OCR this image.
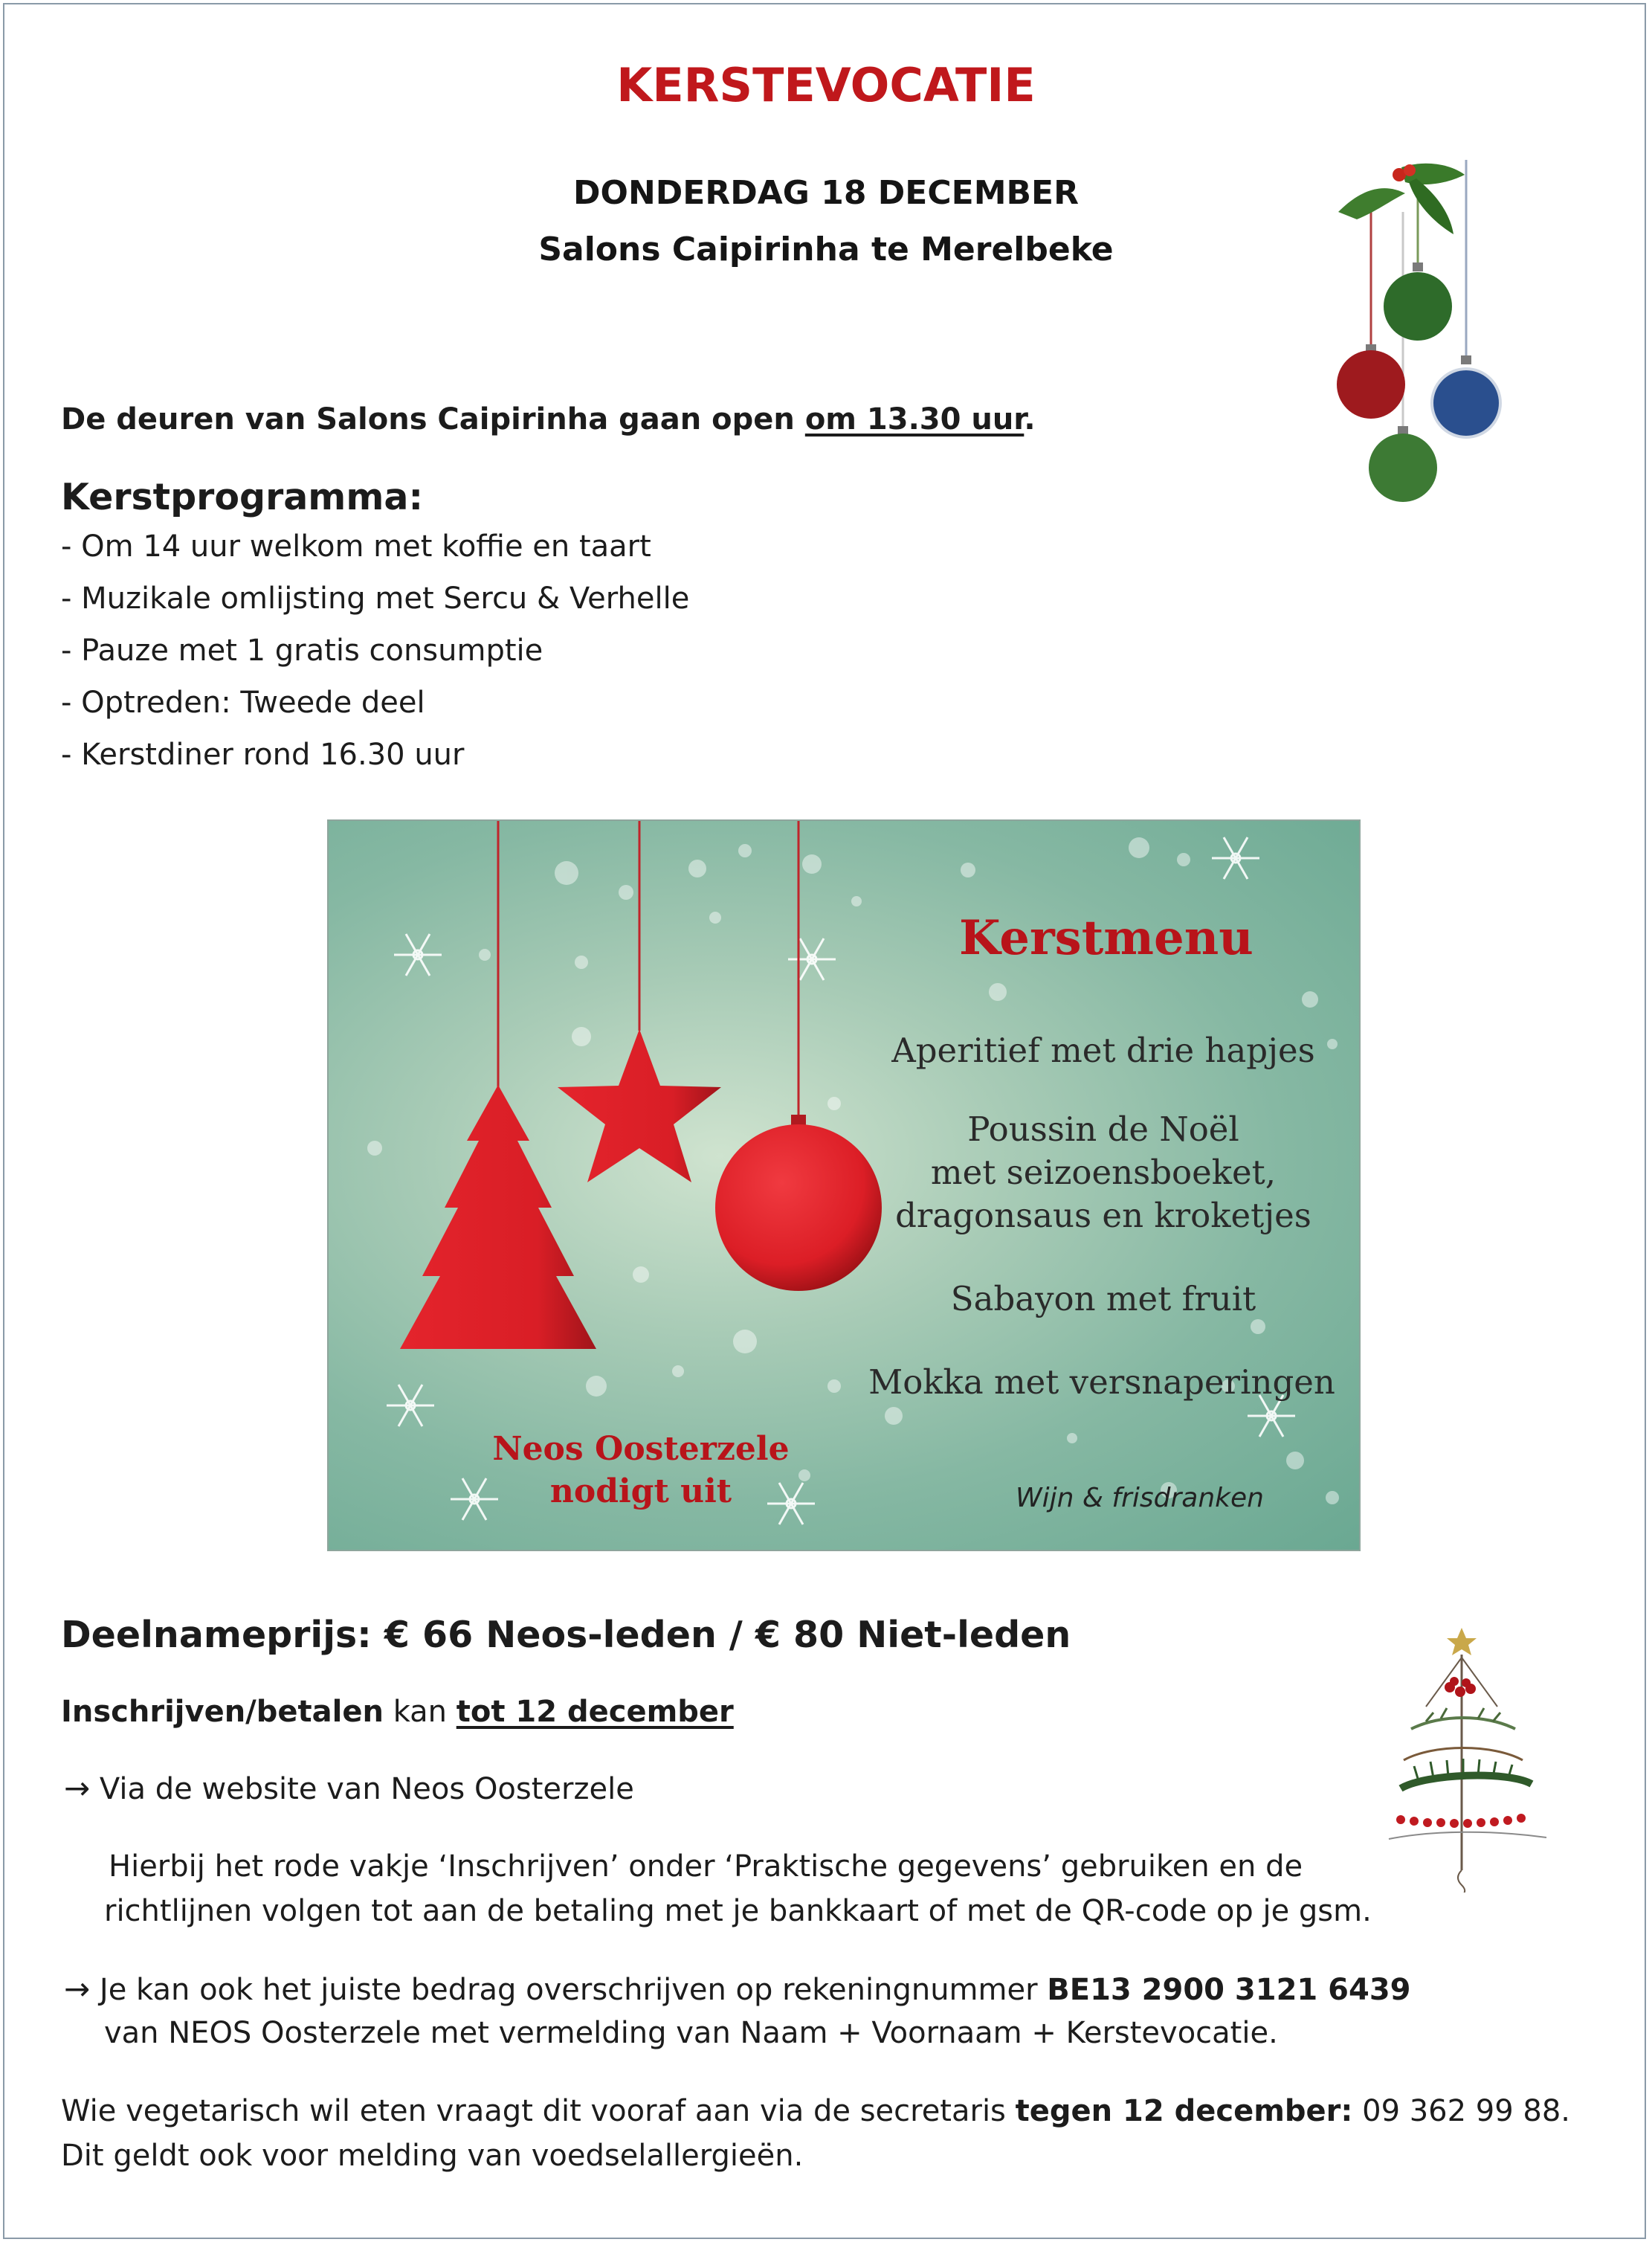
KERSTEVOCATIE
DONDERDAG 18 DECEMBER
Salons Caipirinha te Merelbeke
De deuren van Salons Caipirinha gaan open om 13.30 uur.
Kerstprogramma:
- Om 14 uur welkom met koffie en taart
- Muzikale omlijsting met Sercu & Verhelle
- Pauze met 1 gratis consumptie
- Optreden: Tweede deel
- Kerstdiner rond 16.30 uur
Kerstmenu
Aperitief met drie hapjes
Poussin de Noël
met seizoensboeket,
dragonsaus en kroketjes
Sabayon met fruit
Mokka met versnaperingen
Neos Oosterzele
nodigt uit	Wijn & frisdranken
Deelnameprijs: € 66 Neos-leden / € 80 Niet-leden
Inschrijven/betalen kan tot 12 december
→ Via de website van Neos Oosterzele
Hierbij het rode vakje ‘Inschrijven’ onder ‘Praktische gegevens’ gebruiken en de
richtlijnen volgen tot aan de betaling met je bankkaart of met de QR-code op je gsm.
→ Je kan ook het juiste bedrag overschrijven op rekeningnummer BE13 2900 3121 6439
van NEOS Oosterzele met vermelding van Naam + Voornaam + Kerstevocatie.
Wie vegetarisch wil eten vraagt dit vooraf aan via de secretaris tegen 12 december: 09 362 99 88.
Dit geldt ook voor melding van voedselallergieën.
